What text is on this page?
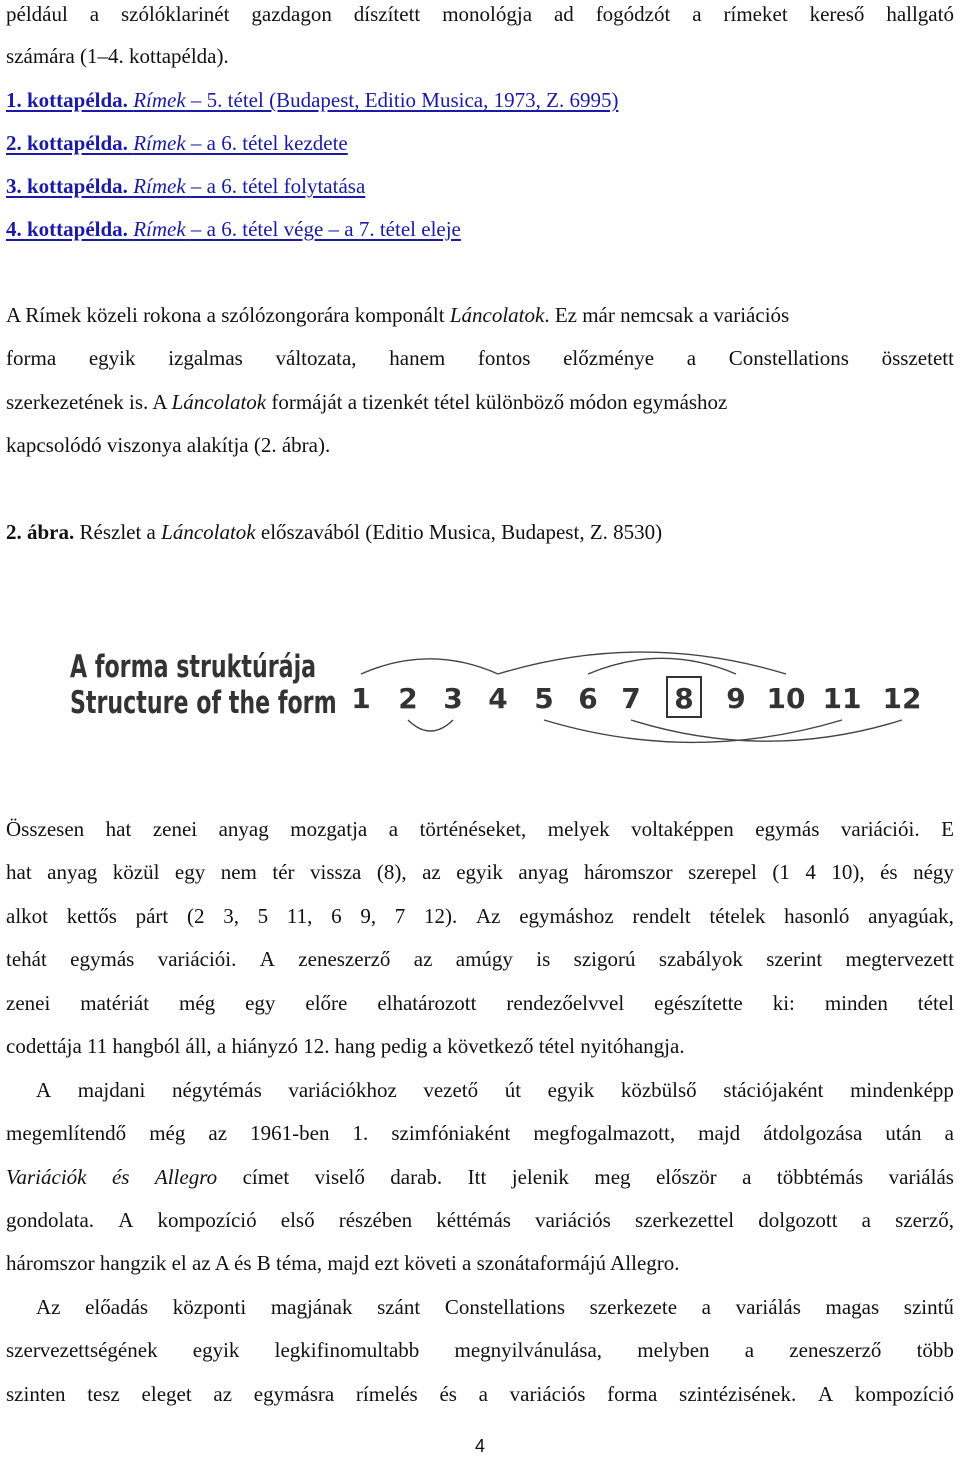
például a szólóklarinét gazdagon díszített monológja ad fogódzót a rímeket kereső hallgató
számára (1–4. kottapélda).
1. kottapélda. Rímek – 5. tétel (Budapest, Editio Musica, 1973, Z. 6995)
2. kottapélda. Rímek – a 6. tétel kezdete
3. kottapélda. Rímek – a 6. tétel folytatása
4. kottapélda. Rímek – a 6. tétel vége – a 7. tétel eleje
A Rímek közeli rokona a szólózongorára komponált Láncolatok. Ez már nemcsak a variációs
forma egyik izgalmas változata, hanem fontos előzménye a Constellations összetett
szerkezetének is. A Láncolatok formáját a tizenkét tétel különböző módon egymáshoz
kapcsolódó viszonya alakítja (2. ábra).
2. ábra. Részlet a Láncolatok előszavából (Editio Musica, Budapest, Z. 8530)
A forma struktúrája
Structure of the form 1 2 3 4 5 6 7 8 9 10 11 12
Összesen hat zenei anyag mozgatja a történéseket, melyek voltaképpen egymás variációi. E
hat anyag közül egy nem tér vissza (8), az egyik anyag háromszor szerepel (1 4 10), és négy
alkot kettős párt (2 3, 5 11, 6 9, 7 12). Az egymáshoz rendelt tételek hasonló anyagúak,
tehát egymás variációi. A zeneszerző az amúgy is szigorú szabályok szerint megtervezett
zenei matériát még egy előre elhatározott rendezőelvvel egészítette ki: minden tétel
codettája 11 hangból áll, a hiányzó 12. hang pedig a következő tétel nyitóhangja.
A majdani négytémás variációkhoz vezető út egyik közbülső stációjaként mindenképp
megemlítendő még az 1961-ben 1. szimfóniaként megfogalmazott, majd átdolgozása után a
Variációk és Allegro címet viselő darab. Itt jelenik meg először a többtémás variálás
gondolata. A kompozíció első részében kéttémás variációs szerkezettel dolgozott a szerző,
háromszor hangzik el az A és B téma, majd ezt követi a szonátaformájú Allegro.
Az előadás központi magjának szánt Constellations szerkezete a variálás magas szintű
szervezettségének egyik legkifinomultabb megnyilvánulása, melyben a zeneszerző több
szinten tesz eleget az egymásra rímelés és a variációs forma szintézisének. A kompozíció
4
